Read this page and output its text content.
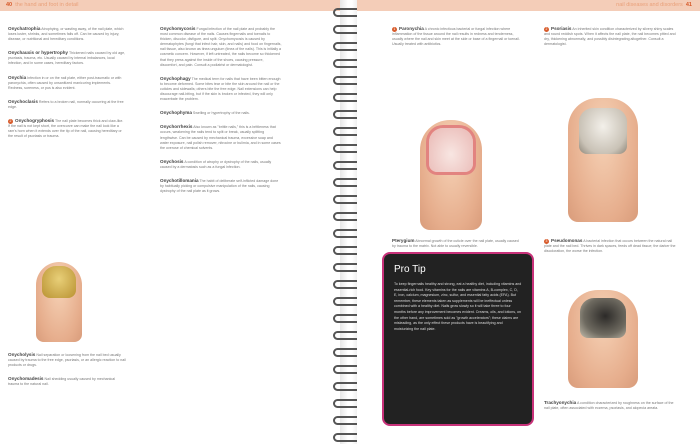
40 the hand and foot in detail
Onychatrophia Atrophying, or wasting away, of the nail plate, which loses luster, shrinks, and sometimes falls off. Can be caused by injury, disease, or nutritional and hereditary conditions.
Onychauxis or hypertrophy Thickened nails caused by old age, psoriasis, trauma, etc. Usually caused by internal imbalances, local infection, and in some cases, hereditary factors.
Onychia Infection in or on the nail plate, either post-traumatic or with paronychia, often caused by unsanitized manicuring implements. Redness, soreness, or pus is also evident.
Onychoclasis Refers to a broken nail, normally occurring at the free edge.
2 Onychogryphosis The nail plate becomes thick and claw-like. If the nail is not kept short, the overcurve can make the nail look like a ram's horn when it extends over the tip of the nail, causing hereditary or the result of psoriasis or trauma.
Onycholysis Nail separation or loosening from the nail bed usually caused by trauma to the free edge, psoriasis, or an allergic reaction to nail products or drugs.
Onychomadesis Nail shedding usually caused by mechanical trauma to the natural nail.
Onychomycosis Fungal infection of the nail plate and probably the most common disease of the nails. Causes fingernails and toenails to thicken, discolor, disfigure, and split. Onychomycosis is caused by dermatophytes (fungi that infect hair, skin, and nails) and food on fingernails, nail tissue, also known as tinea unguium (tinea of the nails). This is initially a cosmetic concern. However, if left untreated, the nails become so thickened that they press against the inside of the shoes, causing pressure, discomfort, and pain. Consult a podiatrist or dermatologist.
Onychophagy The medical term for nails that have been bitten enough to become deformed. Some bites tear or bite the skin around the nail or the cuticles and sidewalls; others bite the free edge. Nail extensions can help discourage nail-biting, but if the skin is broken or infected, they will only exacerbate the problem.
Onychophyma Swelling or hypertrophy of the nails.
Onychorrhexis Also known as "brittle nails," this is a brittleness that occurs, weakening the nails tend to split or break, usually splitting lengthwise. Can be caused by mechanical trauma, excessive soap and water exposure, nail polish remover, nitrocine or bulimia, and in some cases the overuse of chemical solvents.
Onychosis A condition of atrophy or dystrophy of the nails, usually caused by a dermatosis such as a fungal infection.
Onychotillomania The habit of deliberate self-inflicted damage done by habitually picking or compulsive manipulation of the nails, causing dystrophy of the nail plate as it grows.
nail diseases and disorders 41
1 Paronychia A chronic infectious bacterial or fungal infection where inflammation of the tissue around the nail results in redness and tenderness, usually where the nail and skin meet at the side or base of a fingernail or toenail. Usually treated with antibiotics.
Pterygium Abnormal growth of the cuticle over the nail plate, usually caused by trauma to the matrix. Not able to usually reversible.
2 Psoriasis An inherited skin condition characterized by silvery shiny scales and round reddish spots. When it affects the nail plate, the nail becomes pitted and dry, thickening abnormally, and possibly disintegrating altogether. Consult a dermatologist.
3 Pseudomonas A bacterial infection that occurs between the natural nail plate and the nail bed. Thrives in dark spaces, feeds off dead tissue; the darker the discoloration, the worse the infection.
Trachyonychia A condition characterized by roughness on the surface of the nail plate, often associated with eczema, psoriasis, and alopecia areata.
Pro Tip
To keep fingernails healthy and strong, eat a healthy diet, including vitamins and essential-rich food. Key vitamins for the nails are vitamins A, B-complex, C, D, E, iron, calcium, magnesium, zinc, sulfur, and essential fatty acids (EFA). But remember, these elements taken as supplements will be ineffectual unless combined with a healthy diet. Nails grow slowly so it will take three to four months before any improvement becomes evident. Creams, oils, and lotions, on the other hand, are sometimes sold as "growth accelerators"; these claims are misleading, as the only effect these products have is beautifying and moisturizing the nail plate.
